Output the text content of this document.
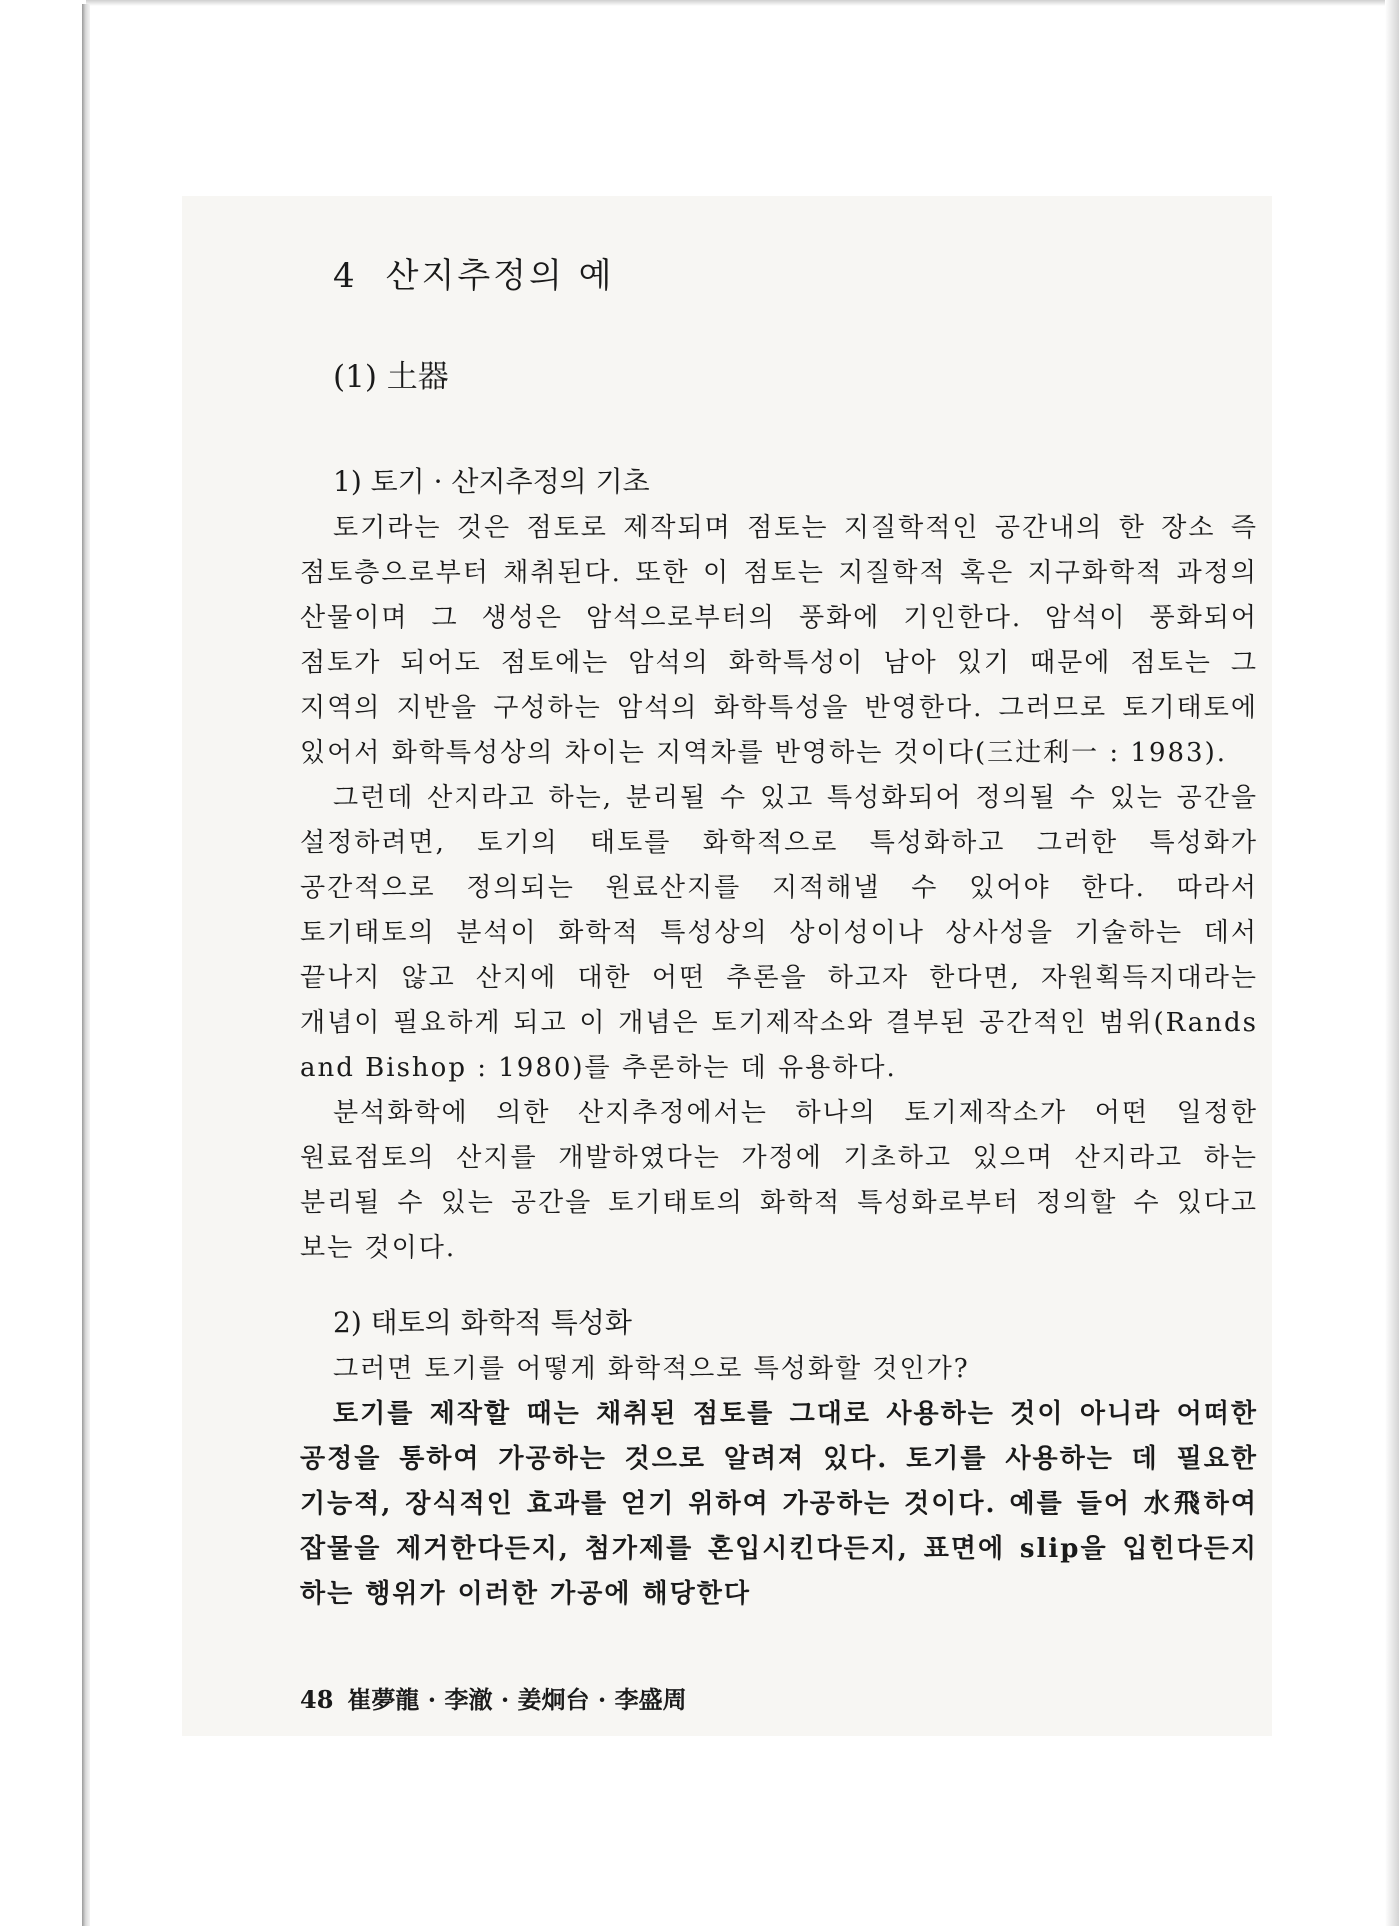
4 산지추정의 예
(1) 土器
1) 토기 · 산지추정의 기초

토기라는 것은 점토로 제작되며 점토는 지질학적인 공간내의 한 장소 즉 점토층으로부터 채취된다. 또한 이 점토는 지질학적 혹은 지구화학적 과정의 산물이며 그 생성은 암석으로부터의 풍화에 기인한다. 암석이 풍화되어 점토가 되어도 점토에는 암석의 화학특성이 남아 있기 때문에 점토는 그 지역의 지반을 구성하는 암석의 화학특성을 반영한다. 그러므로 토기태토에 있어서 화학특성상의 차이는 지역차를 반영하는 것이다(三辻利一 : 1983).

그런데 산지라고 하는, 분리될 수 있고 특성화되어 정의될 수 있는 공간을 설정하려면, 토기의 태토를 화학적으로 특성화하고 그러한 특성화가 공간적으로 정의되는 원료산지를 지적해낼 수 있어야 한다. 따라서 토기태토의 분석이 화학적 특성상의 상이성이나 상사성을 기술하는 데서 끝나지 않고 산지에 대한 어떤 추론을 하고자 한다면, 자원획득지대라는 개념이 필요하게 되고 이 개념은 토기제작소와 결부된 공간적인 범위(Rands and Bishop : 1980)를 추론하는 데 유용하다.

분석화학에 의한 산지추정에서는 하나의 토기제작소가 어떤 일정한 원료점토의 산지를 개발하였다는 가정에 기초하고 있으며 산지라고 하는 분리될 수 있는 공간을 토기태토의 화학적 특성화로부터 정의할 수 있다고 보는 것이다.

2) 태토의 화학적 특성화

그러면 토기를 어떻게 화학적으로 특성화할 것인가?

토기를 제작할 때는 채취된 점토를 그대로 사용하는 것이 아니라 어떠한 공정을 통하여 가공하는 것으로 알려져 있다. 토기를 사용하는 데 필요한 기능적, 장식적인 효과를 얻기 위하여 가공하는 것이다. 예를 들어 水飛하여 잡물을 제거한다든지, 첨가제를 혼입시킨다든지, 표면에 slip을 입힌다든지 하는 행위가 이러한 가공에 해당한다

48 崔夢龍 · 李澈 · 姜炯台 · 李盛周
